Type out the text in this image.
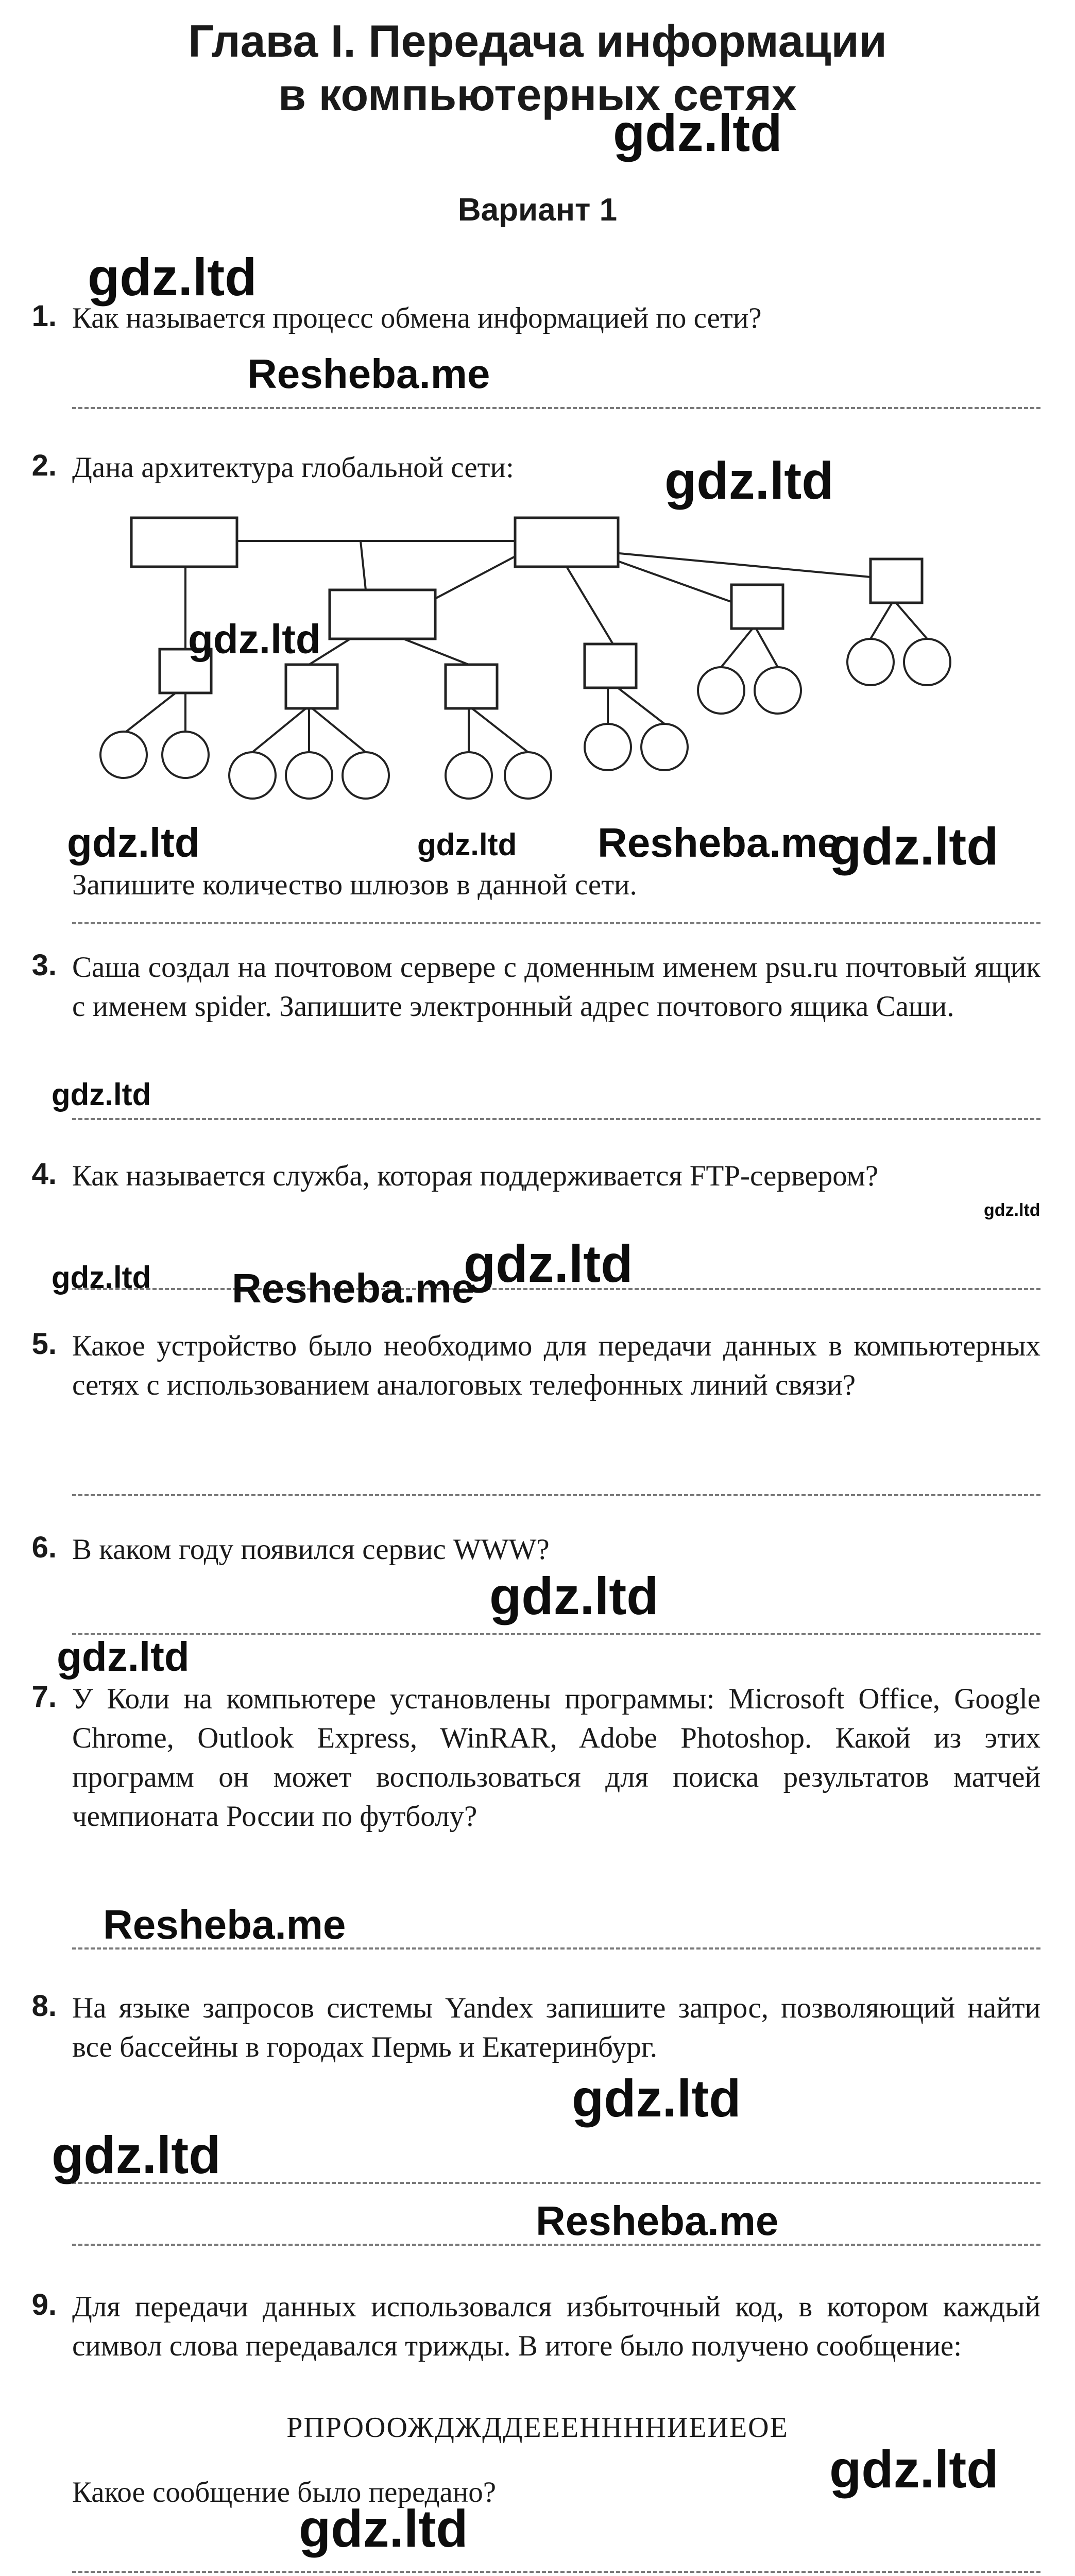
Глава I. Передача информации
в компьютерных сетях
Вариант 1
1. Как называется процесс обмена информацией по сети?
2. Дана архитектура глобальной сети:
Запишите количество шлюзов в данной сети.
3. Саша создал на почтовом сервере с доменным именем psu.ru почтовый ящик с именем spider. Запишите электронный адрес почтового ящика Саши.
4. Как называется служба, которая поддерживается FTP-сервером?
5. Какое устройство было необходимо для передачи данных в компьютерных сетях с использованием аналоговых телефонных линий связи?
6. В каком году появился сервис WWW?
7. У Коли на компьютере установлены программы: Microsoft Office, Google Chrome, Outlook Express, WinRAR, Adobe Photoshop. Какой из этих программ он может воспользоваться для поиска результатов матчей чемпионата России по футболу?
8. На языке запросов системы Yandex запишите запрос, позволяющий найти все бассейны в городах Пермь и Екатеринбург.
9. Для передачи данных использовался избыточный код, в котором каждый символ слова передавался трижды. В итоге было получено сообщение:
РПРОООЖДЖДДЕЕЕННННИЕИЕОЕ
Какое сообщение было передано?
gdz.ltd
gdz.ltd
Resheba.me
gdz.ltd
gdz.ltd
gdz.ltd	gdz.ltd Resheba.me
gdz.ltd
gdz.ltd
gdz.ltd
gdz.ltd Resheba.me
gdz.ltd
gdz.ltd
gdz.ltd
Resheba.me
gdz.ltd
gdz.ltd
Resheba.me
gdz.ltd
gdz.ltd
